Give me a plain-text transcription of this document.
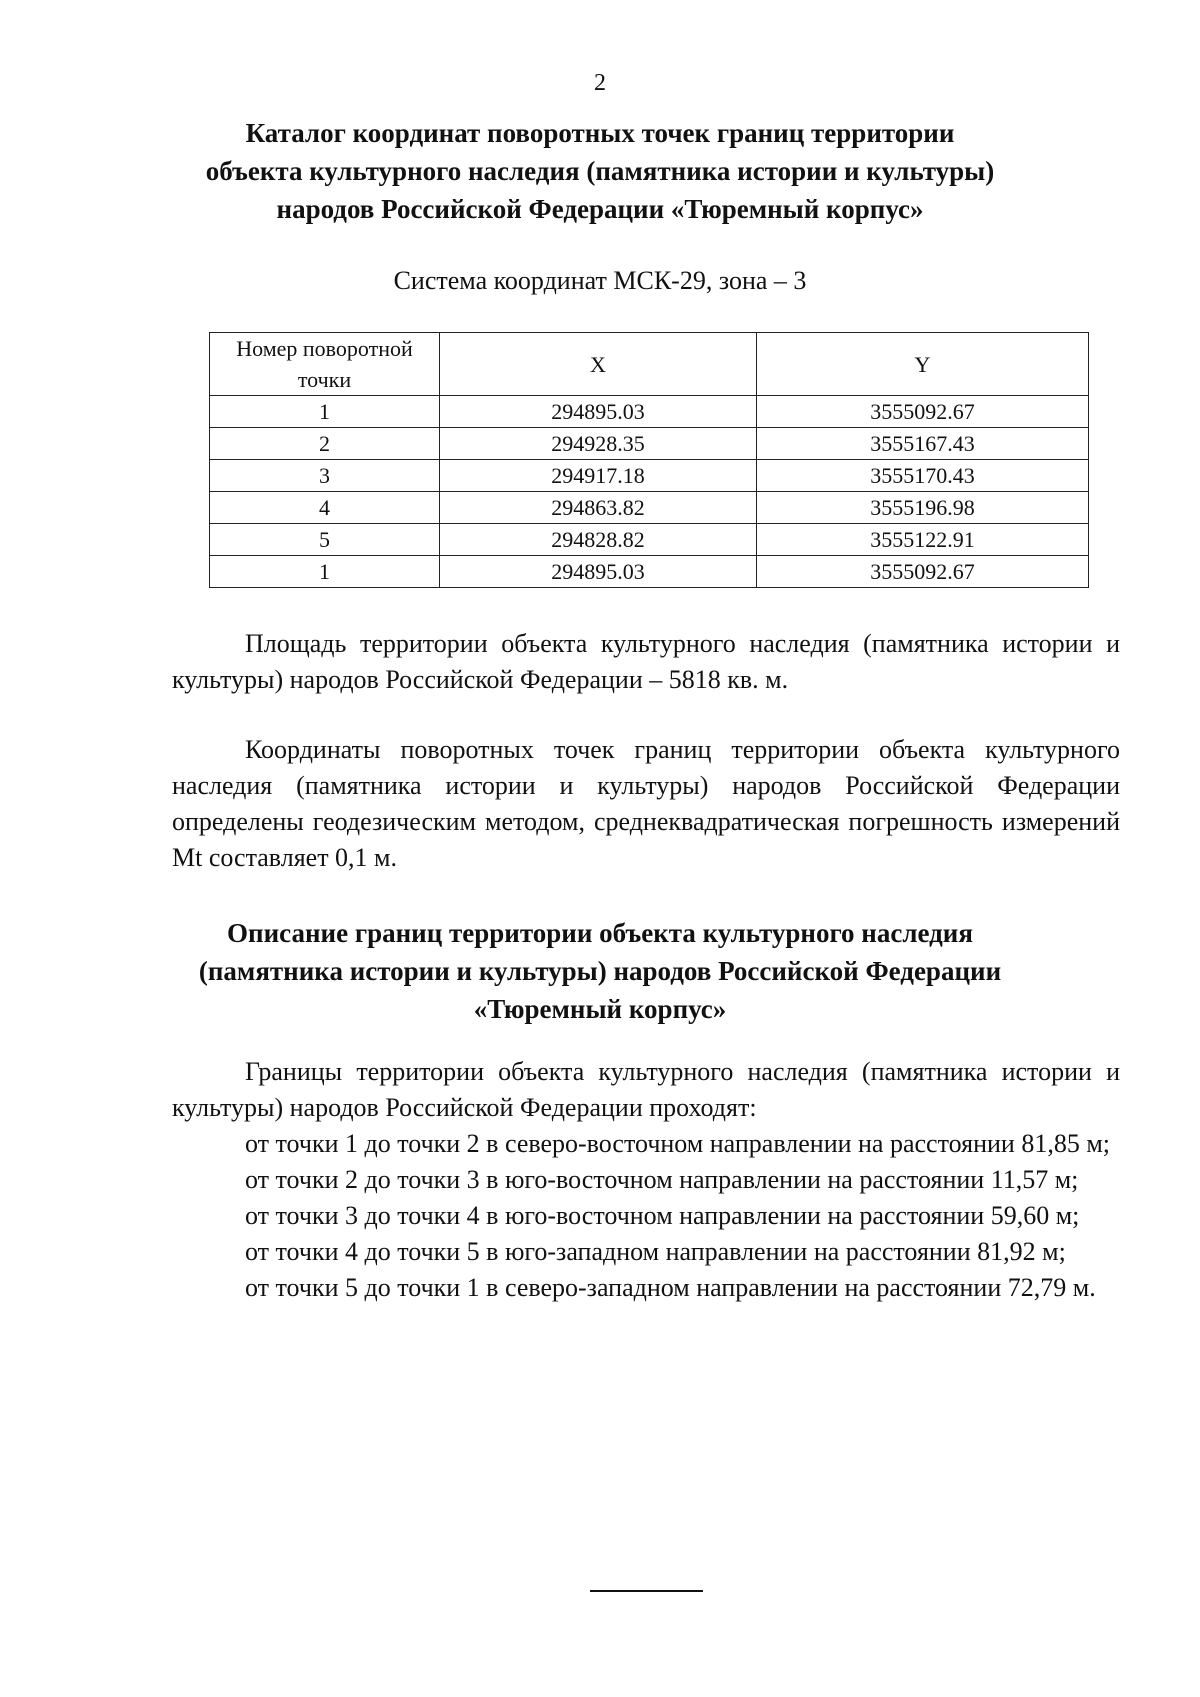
2
Каталог координат поворотных точек границ территории
объекта культурного наследия (памятника истории и культуры)
народов Российской Федерации «Тюремный корпус»
Система координат МСК-29, зона – 3
Номер поворотной точки	X	Y
1	294895.03	3555092.67
2	294928.35	3555167.43
3	294917.18	3555170.43
4	294863.82	3555196.98
5	294828.82	3555122.91
1	294895.03	3555092.67

Площадь территории объекта культурного наследия (памятника истории и культуры) народов Российской Федерации – 5818 кв. м.

Координаты поворотных точек границ территории объекта культурного наследия (памятника истории и культуры) народов Российской Федерации определены геодезическим методом, среднеквадратическая погрешность измерений Mt составляет 0,1 м.

Описание границ территории объекта культурного наследия
(памятника истории и культуры) народов Российской Федерации
«Тюремный корпус»

Границы территории объекта культурного наследия (памятника истории и культуры) народов Российской Федерации проходят:

от точки 1 до точки 2 в северо-восточном направлении на расстоянии 81,85 м;

от точки 2 до точки 3 в юго-восточном направлении на расстоянии 11,57 м;

от точки 3 до точки 4 в юго-восточном направлении на расстоянии 59,60 м;

от точки 4 до точки 5 в юго-западном направлении на расстоянии 81,92 м;

от точки 5 до точки 1 в северо-западном направлении на расстоянии 72,79 м.
